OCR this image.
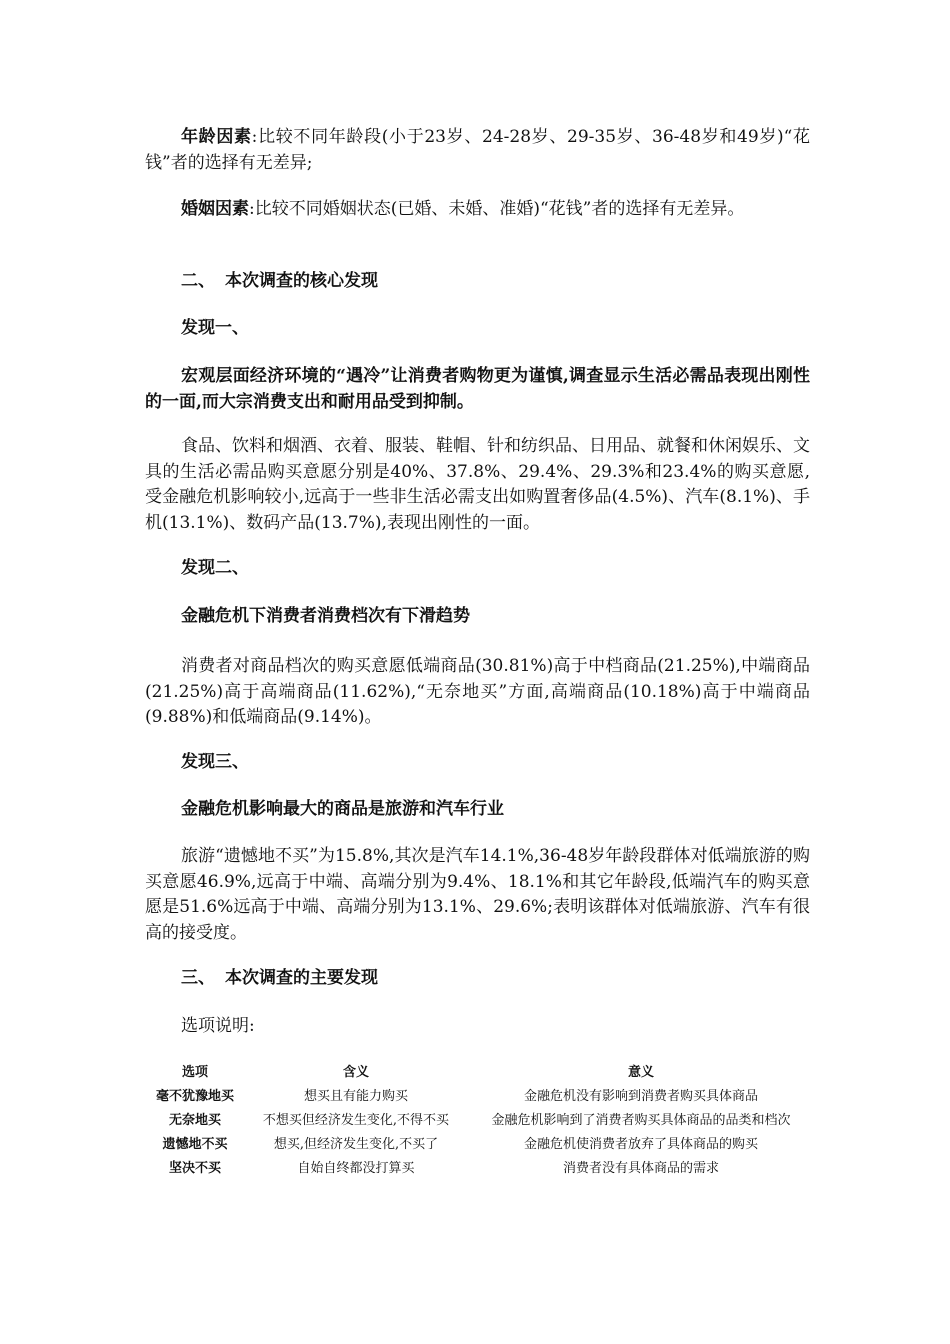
年龄因素:比较不同年龄段(小于23岁、24-28岁、29-35岁、36-48岁和49岁)“花钱”者的选择有无差异;

婚姻因素:比较不同婚姻状态(已婚、未婚、准婚)“花钱”者的选择有无差异。

二、 本次调查的核心发现
发现一、

宏观层面经济环境的“遇冷”让消费者购物更为谨慎,调查显示生活必需品表现出刚性的一面,而大宗消费支出和耐用品受到抑制。

食品、饮料和烟酒、衣着、服装、鞋帽、针和纺织品、日用品、就餐和休闲娱乐、文具的生活必需品购买意愿分别是40%、37.8%、29.4%、29.3%和23.4%的购买意愿,受金融危机影响较小,远高于一些非生活必需支出如购置奢侈品(4.5%)、汽车(8.1%)、手机(13.1%)、数码产品(13.7%),表现出刚性的一面。

发现二、

金融危机下消费者消费档次有下滑趋势

消费者对商品档次的购买意愿低端商品(30.81%)高于中档商品(21.25%),中端商品(21.25%)高于高端商品(11.62%),“无奈地买”方面,高端商品(10.18%)高于中端商品(9.88%)和低端商品(9.14%)。

发现三、

金融危机影响最大的商品是旅游和汽车行业

旅游“遗憾地不买”为15.8%,其次是汽车14.1%,36-48岁年龄段群体对低端旅游的购买意愿46.9%,远高于中端、高端分别为9.4%、18.1%和其它年龄段,低端汽车的购买意愿是51.6%远高于中端、高端分别为13.1%、29.6%;表明该群体对低端旅游、汽车有很高的接受度。

三、 本次调查的主要发现

选项说明:

选项	含义	意义
毫不犹豫地买	想买且有能力购买	金融危机没有影响到消费者购买具体商品
无奈地买	不想买但经济发生变化,不得不买	金融危机影响到了消费者购买具体商品的品类和档次
遗憾地不买	想买,但经济发生变化,不买了	金融危机使消费者放弃了具体商品的购买
坚决不买	自始自终都没打算买	消费者没有具体商品的需求
